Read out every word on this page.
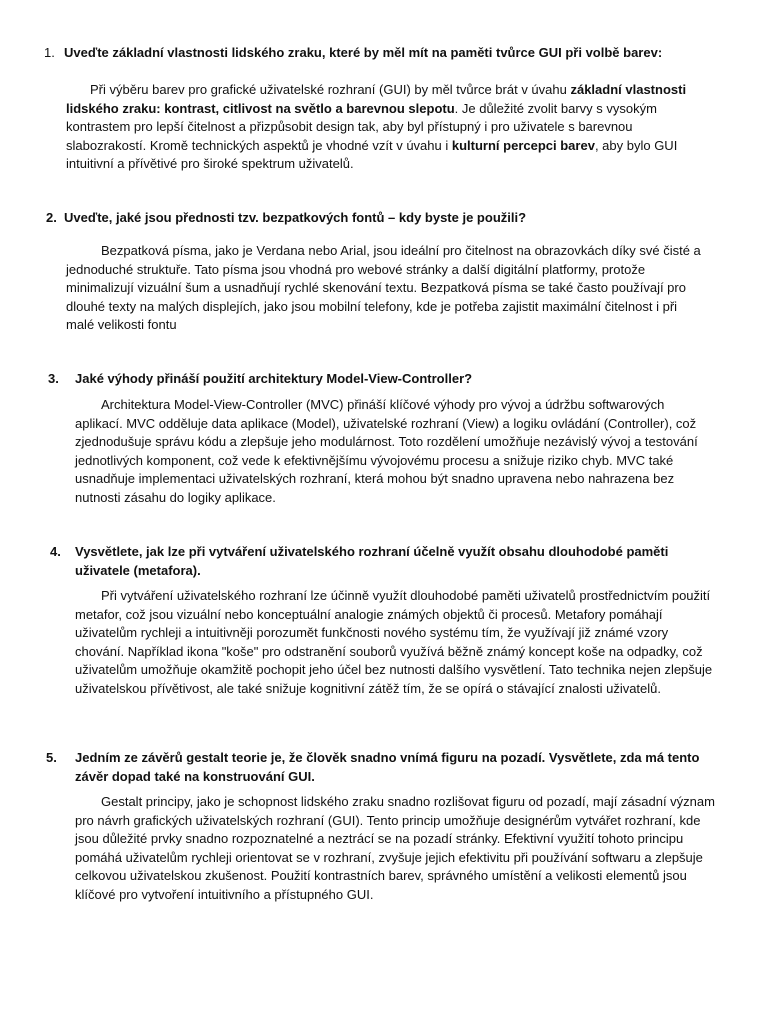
1. Uveďte základní vlastnosti lidského zraku, které by měl mít na paměti tvůrce GUI při volbě barev:

Při výběru barev pro grafické uživatelské rozhraní (GUI) by měl tvůrce brát v úvahu základní vlastnosti lidského zraku: kontrast, citlivost na světlo a barevnou slepotu. Je důležité zvolit barvy s vysokým kontrastem pro lepší čitelnost a přizpůsobit design tak, aby byl přístupný i pro uživatele s barevnou slabozrakostí. Kromě technických aspektů je vhodné vzít v úvahu i kulturní percepci barev, aby bylo GUI intuitivní a přívětivé pro široké spektrum uživatelů.

2. Uveďte, jaké jsou přednosti tzv. bezpatkových fontů – kdy byste je použili?

Bezpatková písma, jako je Verdana nebo Arial, jsou ideální pro čitelnost na obrazovkách díky své čisté a jednoduché struktuře. Tato písma jsou vhodná pro webové stránky a další digitální platformy, protože minimalizují vizuální šum a usnadňují rychlé skenování textu. Bezpatková písma se také často používají pro dlouhé texty na malých displejích, jako jsou mobilní telefony, kde je potřeba zajistit maximální čitelnost i při malé velikosti fontu

3. Jaké výhody přináší použití architektury Model-View-Controller?

Architektura Model-View-Controller (MVC) přináší klíčové výhody pro vývoj a údržbu softwarových aplikací. MVC odděluje data aplikace (Model), uživatelské rozhraní (View) a logiku ovládání (Controller), což zjednodušuje správu kódu a zlepšuje jeho modulárnost. Toto rozdělení umožňuje nezávislý vývoj a testování jednotlivých komponent, což vede k efektivnějšímu vývojovému procesu a snižuje riziko chyb. MVC také usnadňuje implementaci uživatelských rozhraní, která mohou být snadno upravena nebo nahrazena bez nutnosti zásahu do logiky aplikace.

4. Vysvětlete, jak lze při vytváření uživatelského rozhraní účelně využít obsahu dlouhodobé paměti uživatele (metafora).

Při vytváření uživatelského rozhraní lze účinně využít dlouhodobé paměti uživatelů prostřednictvím použití metafor, což jsou vizuální nebo konceptuální analogie známých objektů či procesů. Metafory pomáhají uživatelům rychleji a intuitivněji porozumět funkčnosti nového systému tím, že využívají již známé vzory chování. Například ikona "koše" pro odstranění souborů využívá běžně známý koncept koše na odpadky, což uživatelům umožňuje okamžitě pochopit jeho účel bez nutnosti dalšího vysvětlení. Tato technika nejen zlepšuje uživatelskou přívětivost, ale také snižuje kognitivní zátěž tím, že se opírá o stávající znalosti uživatelů.

5. Jedním ze závěrů gestalt teorie je, že člověk snadno vnímá figuru na pozadí. Vysvětlete, zda má tento závěr dopad také na konstruování GUI.

Gestalt principy, jako je schopnost lidského zraku snadno rozlišovat figuru od pozadí, mají zásadní význam pro návrh grafických uživatelských rozhraní (GUI). Tento princip umožňuje designérům vytvářet rozhraní, kde jsou důležité prvky snadno rozpoznatelné a neztrácí se na pozadí stránky. Efektivní využití tohoto principu pomáhá uživatelům rychleji orientovat se v rozhraní, zvyšuje jejich efektivitu při používání softwaru a zlepšuje celkovou uživatelskou zkušenost. Použití kontrastních barev, správného umístění a velikosti elementů jsou klíčové pro vytvoření intuitivního a přístupného GUI.
